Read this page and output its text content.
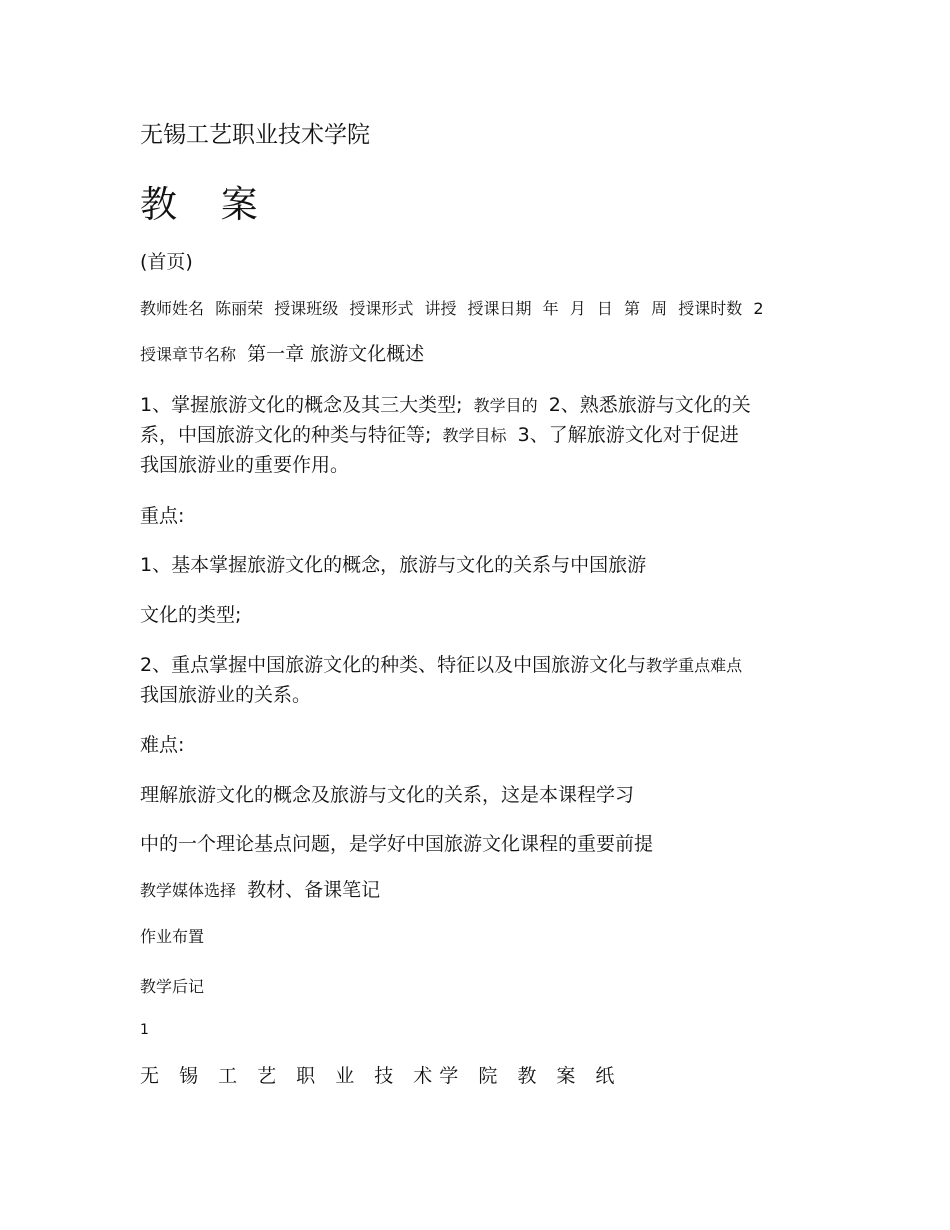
无锡工艺职业技术学院
教 案
(首页)
教师姓名 陈丽荣 授课班级 授课形式 讲授 授课日期 年 月 日 第 周 授课时数 2
授课章节名称 第一章 旅游文化概述
1、掌握旅游文化的概念及其三大类型; 教学目的 2、熟悉旅游与文化的关
系，中国旅游文化的种类与特征等; 教学目标 3、了解旅游文化对于促进
我国旅游业的重要作用。
重点:
1、基本掌握旅游文化的概念，旅游与文化的关系与中国旅游
文化的类型;
2、重点掌握中国旅游文化的种类、特征以及中国旅游文化与教学重点难点
我国旅游业的关系。
难点:
理解旅游文化的概念及旅游与文化的关系，这是本课程学习
中的一个理论基点问题，是学好中国旅游文化课程的重要前提
教学媒体选择 教材、备课笔记
作业布置
教学后记
1
无 锡 工 艺 职 业 技 术学 院 教 案 纸
